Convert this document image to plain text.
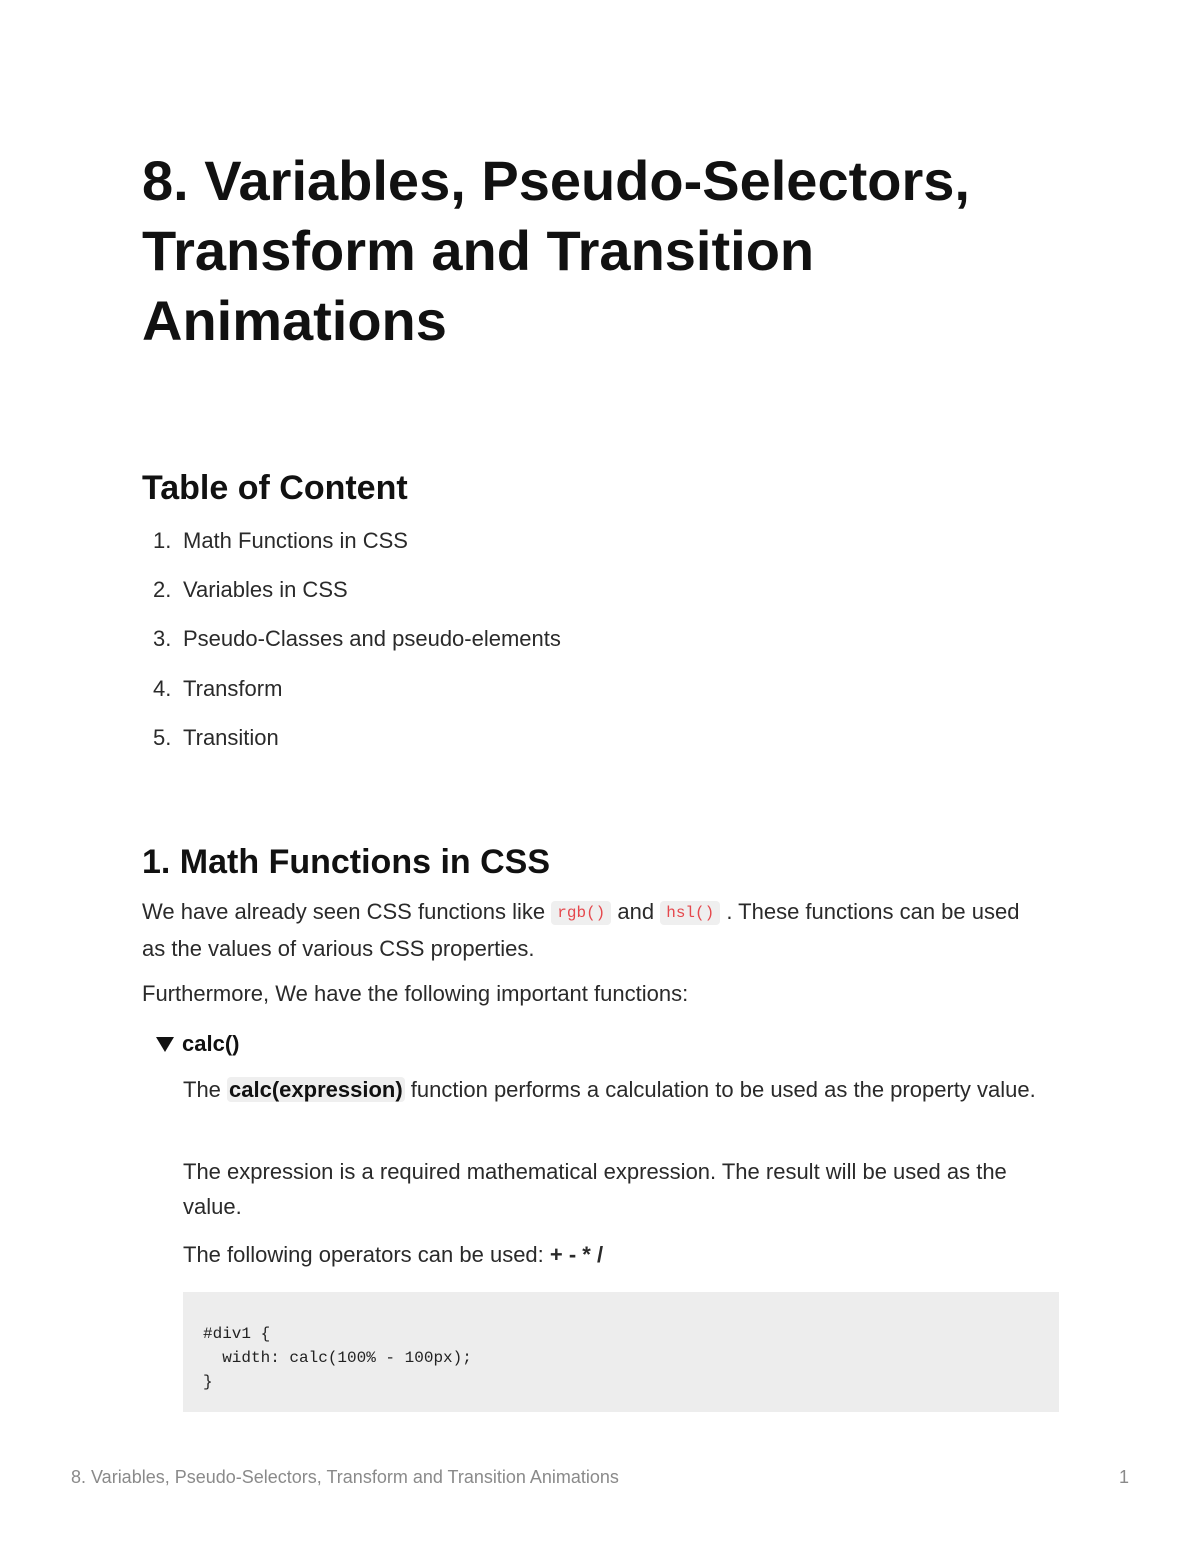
8. Variables, Pseudo-Selectors, Transform and Transition Animations
Table of Content
1. Math Functions in CSS
2. Variables in CSS
3. Pseudo-Classes and pseudo-elements
4. Transform
5. Transition
1. Math Functions in CSS

We have already seen CSS functions like rgb() and hsl() . These functions can be used as the values of various CSS properties.

Furthermore, We have the following important functions:

calc()

The calc(expression) function performs a calculation to be used as the property value.

The expression is a required mathematical expression. The result will be used as the value.

The following operators can be used: + - * /

#div1 {
width: calc(100% - 100px);
}
8. Variables, Pseudo-Selectors, Transform and Transition Animations	1
